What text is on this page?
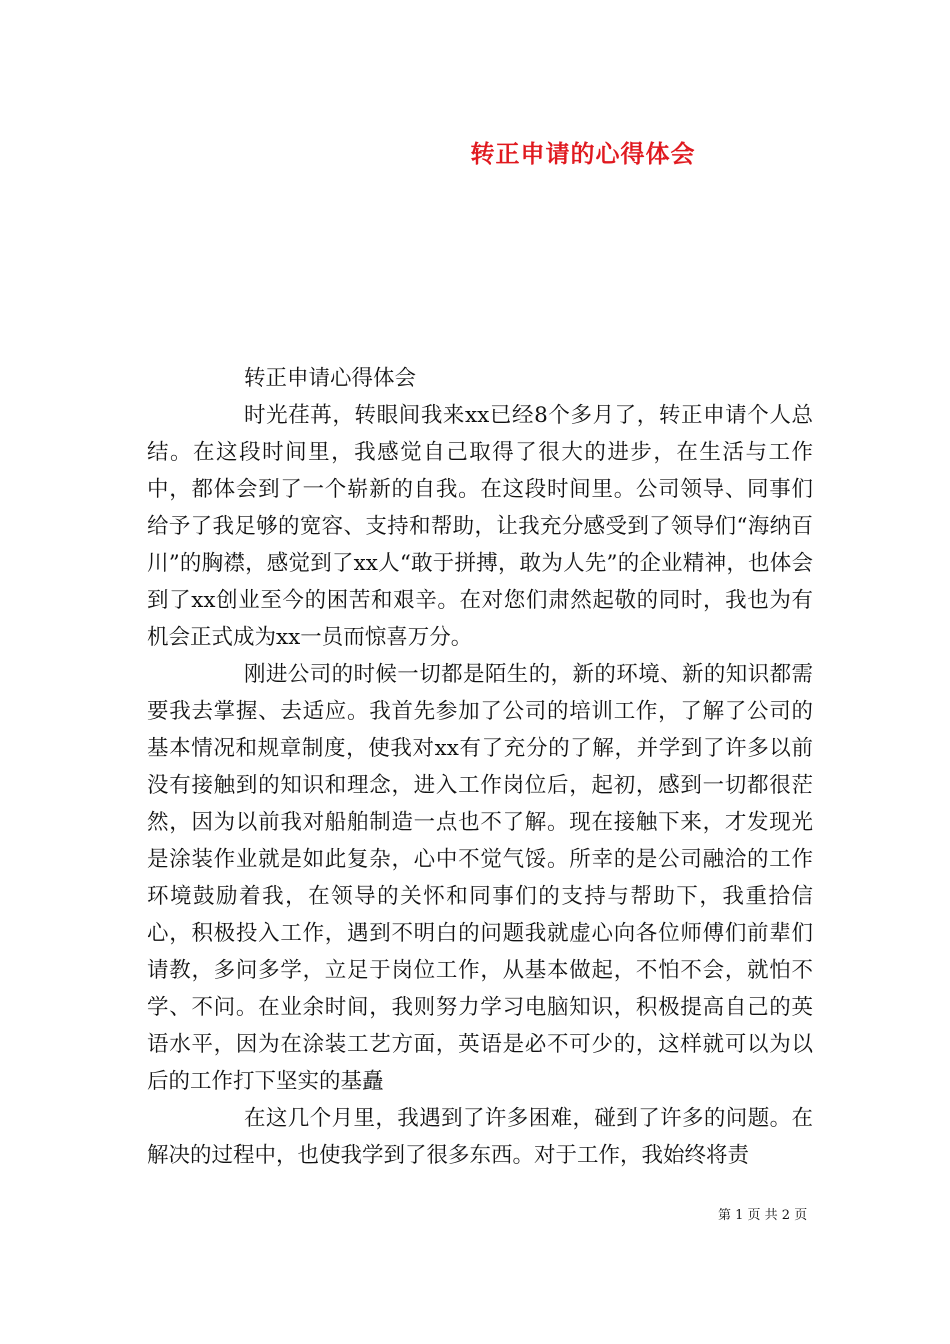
转正申请的心得体会
转正申请心得体会

时光荏苒，转眼间我来xx已经8个多月了，转正申请个人总结。在这段时间里，我感觉自己取得了很大的进步，在生活与工作中，都体会到了一个崭新的自我。在这段时间里。公司领导、同事们给予了我足够的宽容、支持和帮助，让我充分感受到了领导们“海纳百川”的胸襟，感觉到了xx人“敢于拼搏，敢为人先”的企业精神，也体会到了xx创业至今的困苦和艰辛。在对您们肃然起敬的同时，我也为有机会正式成为xx一员而惊喜万分。

刚进公司的时候一切都是陌生的，新的环境、新的知识都需要我去掌握、去适应。我首先参加了公司的培训工作，了解了公司的基本情况和规章制度，使我对xx有了充分的了解，并学到了许多以前没有接触到的知识和理念，进入工作岗位后，起初，感到一切都很茫然，因为以前我对船舶制造一点也不了解。现在接触下来，才发现光是涂装作业就是如此复杂，心中不觉气馁。所幸的是公司融洽的工作环境鼓励着我，在领导的关怀和同事们的支持与帮助下，我重拾信心，积极投入工作，遇到不明白的问题我就虚心向各位师傅们前辈们请教，多问多学，立足于岗位工作，从基本做起，不怕不会，就怕不学、不问。在业余时间，我则努力学习电脑知识，积极提高自己的英语水平，因为在涂装工艺方面，英语是必不可少的，这样就可以为以后的工作打下坚实的基矗

在这几个月里，我遇到了许多困难，碰到了许多的问题。在解决的过程中，也使我学到了很多东西。对于工作，我始终将责

第 1 页 共 2 页
